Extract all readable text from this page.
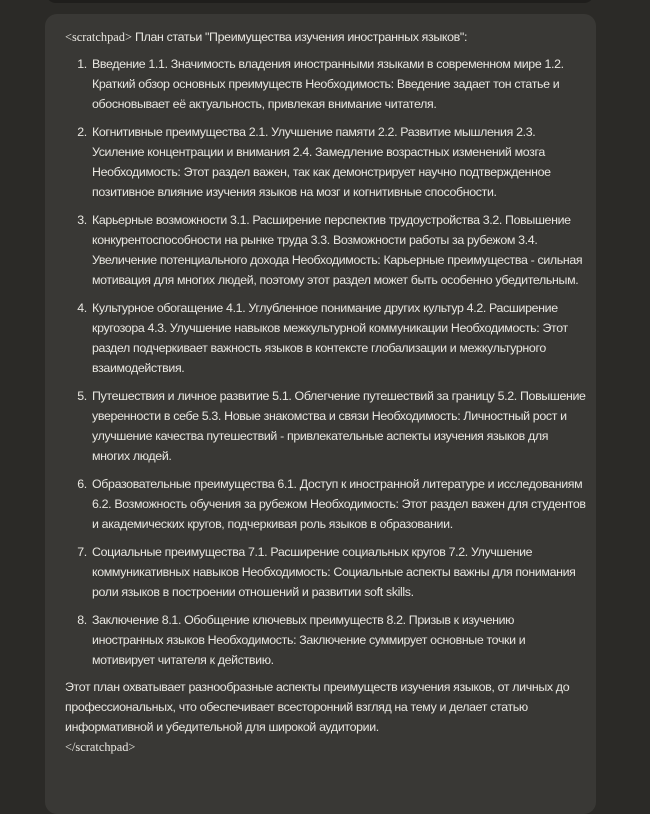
<scratchpad> План статьи "Преимущества изучения иностранных языков":
1. Введение 1.1. Значимость владения иностранными языками в современном мире 1.2. Краткий обзор основных преимуществ Необходимость: Введение задает тон статье и обосновывает её актуальность, привлекая внимание читателя.
2. Когнитивные преимущества 2.1. Улучшение памяти 2.2. Развитие мышления 2.3. Усиление концентрации и внимания 2.4. Замедление возрастных изменений мозга Необходимость: Этот раздел важен, так как демонстрирует научно подтвержденное позитивное влияние изучения языков на мозг и когнитивные способности.
3. Карьерные возможности 3.1. Расширение перспектив трудоустройства 3.2. Повышение конкурентоспособности на рынке труда 3.3. Возможности работы за рубежом 3.4. Увеличение потенциального дохода Необходимость: Карьерные преимущества - сильная мотивация для многих людей, поэтому этот раздел может быть особенно убедительным.
4. Культурное обогащение 4.1. Углубленное понимание других культур 4.2. Расширение кругозора 4.3. Улучшение навыков межкультурной коммуникации Необходимость: Этот раздел подчеркивает важность языков в контексте глобализации и межкультурного взаимодействия.
5. Путешествия и личное развитие 5.1. Облегчение путешествий за границу 5.2. Повышение уверенности в себе 5.3. Новые знакомства и связи Необходимость: Личностный рост и улучшение качества путешествий - привлекательные аспекты изучения языков для многих людей.
6. Образовательные преимущества 6.1. Доступ к иностранной литературе и исследованиям 6.2. Возможность обучения за рубежом Необходимость: Этот раздел важен для студентов и академических кругов, подчеркивая роль языков в образовании.
7. Социальные преимущества 7.1. Расширение социальных кругов 7.2. Улучшение коммуникативных навыков Необходимость: Социальные аспекты важны для понимания роли языков в построении отношений и развитии soft skills.
8. Заключение 8.1. Обобщение ключевых преимуществ 8.2. Призыв к изучению иностранных языков Необходимость: Заключение суммирует основные точки и мотивирует читателя к действию.
Этот план охватывает разнообразные аспекты преимуществ изучения языков, от личных до профессиональных, что обеспечивает всесторонний взгляд на тему и делает статью информативной и убедительной для широкой аудитории.
</scratchpad>
